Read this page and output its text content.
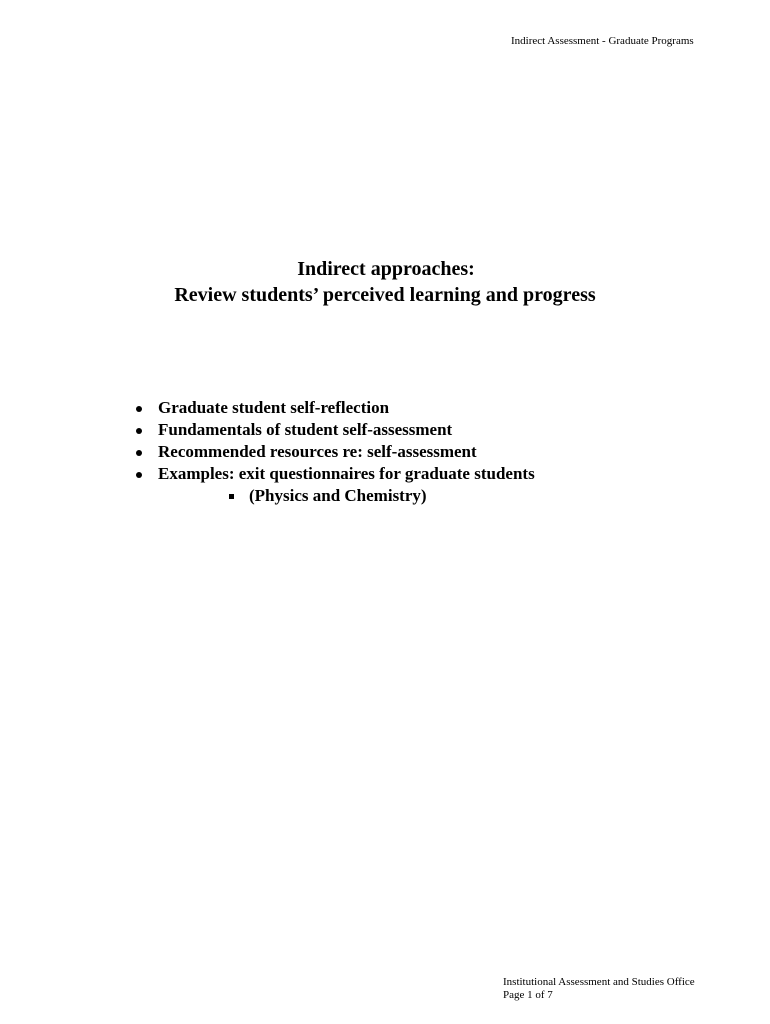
Indirect Assessment - Graduate Programs
Indirect approaches:
Review students’ perceived learning and progress
Graduate student self-reflection
Fundamentals of student self-assessment
Recommended resources re: self-assessment
Examples: exit questionnaires for graduate students
(Physics and Chemistry)
Institutional Assessment and Studies Office
Page 1 of 7
